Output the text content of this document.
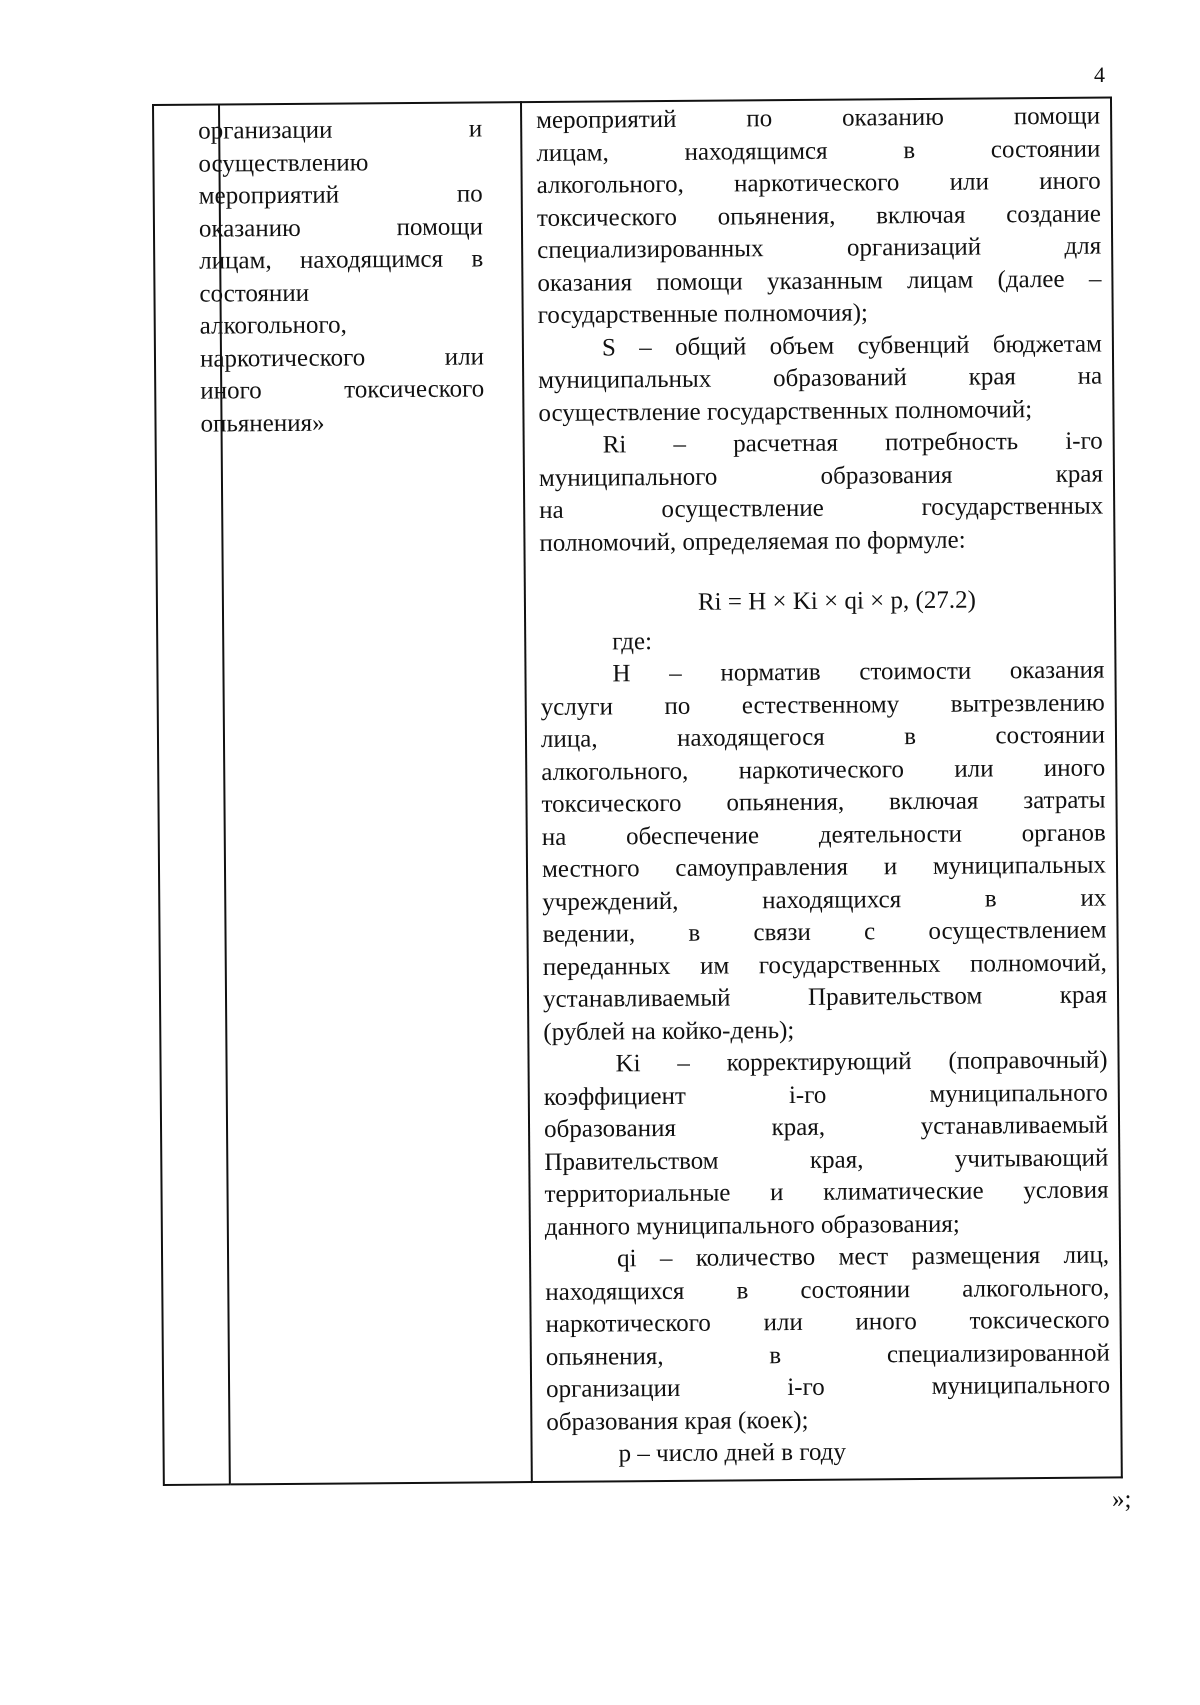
4
организации и
осуществлению
мероприятий по
оказанию помощи
лицам, находящимся в
состоянии
алкогольного,
наркотического или
иного токсического
опьянения»
мероприятий по оказанию помощи
лицам, находящимся в состоянии
алкогольного, наркотического или иного
токсического опьянения, включая создание
специализированных организаций для
оказания помощи указанным лицам (далее –
государственные полномочия);
S – общий объем субвенций бюджетам
муниципальных образований края на
осуществление государственных полномочий;
Ri – расчетная потребность i-го
муниципального образования края
на осуществление государственных
полномочий, определяемая по формуле:
Ri = H × Ki × qi × p, (27.2)
где:
H – норматив стоимости оказания
услуги по естественному вытрезвлению
лица, находящегося в состоянии
алкогольного, наркотического или иного
токсического опьянения, включая затраты
на обеспечение деятельности органов
местного самоуправления и муниципальных
учреждений, находящихся в их
ведении, в связи с осуществлением
переданных им государственных полномочий,
устанавливаемый Правительством края
(рублей на койко-день);
Ki – корректирующий (поправочный)
коэффициент i-го муниципального
образования края, устанавливаемый
Правительством края, учитывающий
территориальные и климатические условия
данного муниципального образования;
qi – количество мест размещения лиц,
находящихся в состоянии алкогольного,
наркотического или иного токсического
опьянения, в специализированной
организации i-го муниципального
образования края (коек);
p – число дней в году
»;
